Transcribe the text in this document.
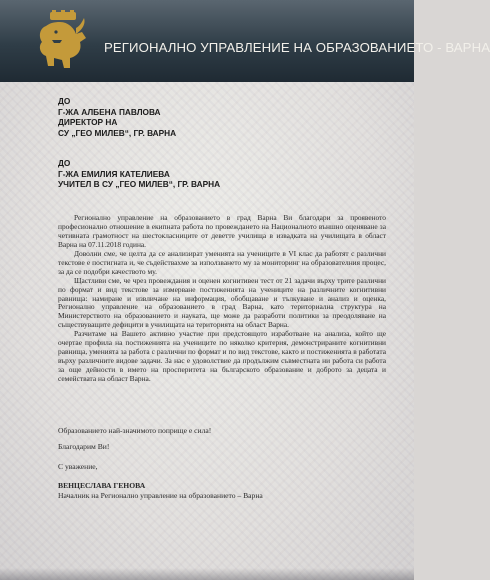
РЕГИОНАЛНО УПРАВЛЕНИЕ НА ОБРАЗОВАНИЕТО - ВАРНА
ДО
Г-ЖА АЛБЕНА ПАВЛОВА
ДИРЕКТОР НА
СУ „ГЕО МИЛЕВ“, ГР. ВАРНА
ДО
Г-ЖА ЕМИЛИЯ КАТЕЛИЕВА
УЧИТЕЛ В СУ „ГЕО МИЛЕВ“, ГР. ВАРНА

Регионално управление на образованието в град Варна Ви благодари за проявеното професионално отношение в екипната работа по провеждането на Националното външно оценяване за четивната грамотност на шестокласниците от деветте училища в извадката на училищата в област Варна на 07.11.2018 година.

Доволни сме, че целта да се анализират уменията на учениците в VI клас да работят с различни текстове е постигната и, че съдействахме за използването му за мониторинг на образователния процес, за да се подобри качеството му.

Щастливи сме, че чрез провеждания и оценен когнитивен тест от 21 задачи върху трите различни по формат и вид текстове за измерване постиженията на учениците на различните когнитивни равнища: намиране и извличане на информация, обобщаване и тълкуване и анализ и оценка, Регионално управление на образованието в град Варна, като териториална структура на Министерството на образованието и науката, ще може да разработи политики за преодоляване на съществуващите дефицити в училищата на територията на област Варна.

Разчитаме на Вашето активно участие при предстоящото изработване на анализа, който ще очертае профила на постиженията на учениците по няколко критерия, демонстрираните когнитивни равнища, уменията за работа с различни по формат и по вид текстове, както и постиженията в работата върху различните видове задачи. За нас е удоволствие да продължим съвместната ни работа си работа за още дейности в името на просперитета на българското образование и доброто за децата и семействата на област Варна.

Образованието най-значимото поприще е сила!
Благодарим Ви!
С уважение,
ВЕНЦЕСЛАВА ГЕНОВА
Началник на Регионално управление на образованието – Варна
